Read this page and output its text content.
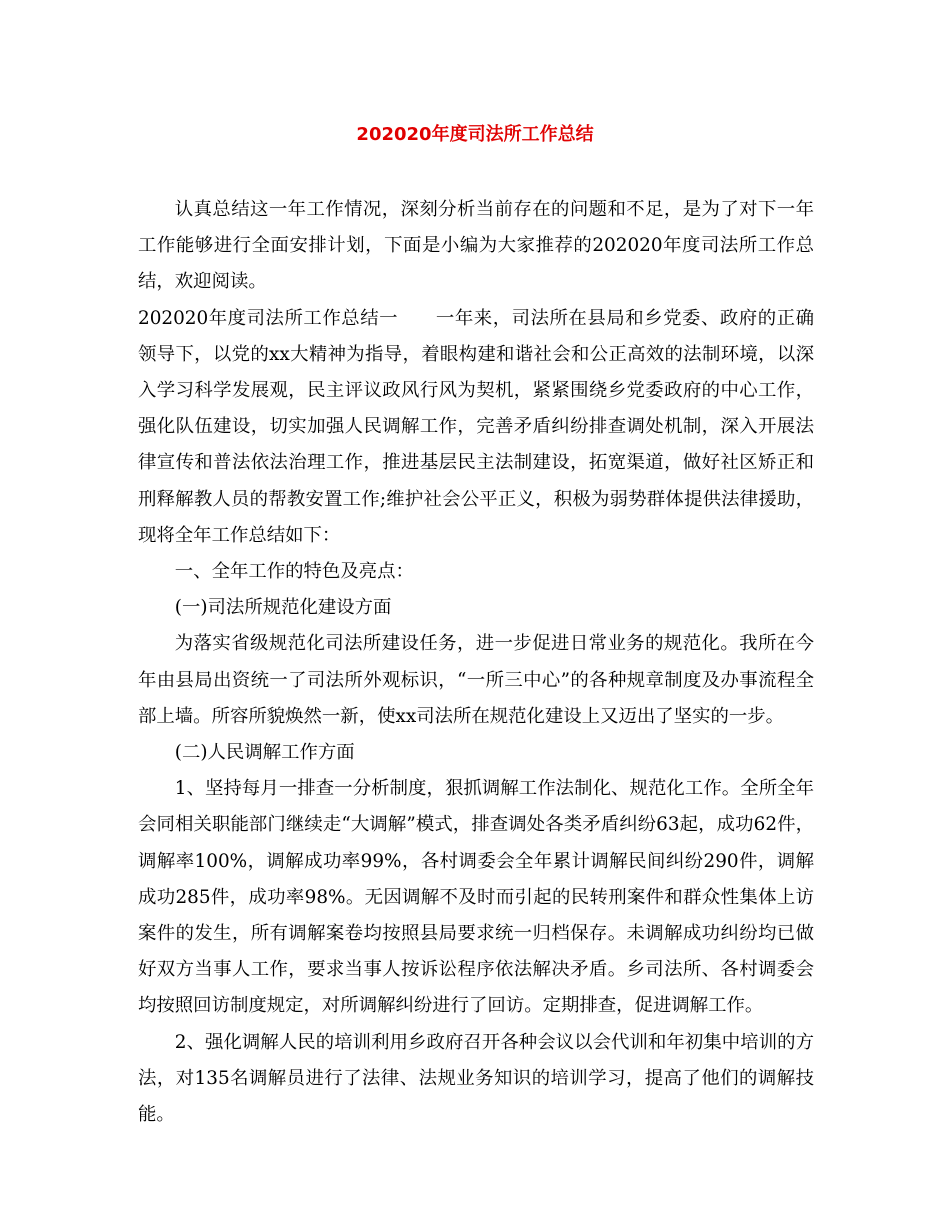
202020年度司法所工作总结

认真总结这一年工作情况，深刻分析当前存在的问题和不足，是为了对下一年工作能够进行全面安排计划，下面是小编为大家推荐的202020年度司法所工作总结，欢迎阅读。

202020年度司法所工作总结一　　一年来，司法所在县局和乡党委、政府的正确领导下，以党的xx大精神为指导，着眼构建和谐社会和公正高效的法制环境，以深入学习科学发展观，民主评议政风行风为契机，紧紧围绕乡党委政府的中心工作，强化队伍建设，切实加强人民调解工作，完善矛盾纠纷排查调处机制，深入开展法律宣传和普法依法治理工作，推进基层民主法制建设，拓宽渠道，做好社区矫正和刑释解教人员的帮教安置工作;维护社会公平正义，积极为弱势群体提供法律援助，现将全年工作总结如下：

一、全年工作的特色及亮点：

(一)司法所规范化建设方面

为落实省级规范化司法所建设任务，进一步促进日常业务的规范化。我所在今年由县局出资统一了司法所外观标识，“一所三中心”的各种规章制度及办事流程全部上墙。所容所貌焕然一新，使xx司法所在规范化建设上又迈出了坚实的一步。

(二)人民调解工作方面

1、坚持每月一排查一分析制度，狠抓调解工作法制化、规范化工作。全所全年会同相关职能部门继续走“大调解”模式，排查调处各类矛盾纠纷63起，成功62件，调解率100%，调解成功率99%，各村调委会全年累计调解民间纠纷290件，调解成功285件，成功率98%。无因调解不及时而引起的民转刑案件和群众性集体上访案件的发生，所有调解案卷均按照县局要求统一归档保存。未调解成功纠纷均已做好双方当事人工作，要求当事人按诉讼程序依法解决矛盾。乡司法所、各村调委会均按照回访制度规定，对所调解纠纷进行了回访。定期排查，促进调解工作。

2、强化调解人民的培训利用乡政府召开各种会议以会代训和年初集中培训的方法，对135名调解员进行了法律、法规业务知识的培训学习，提高了他们的调解技能。
